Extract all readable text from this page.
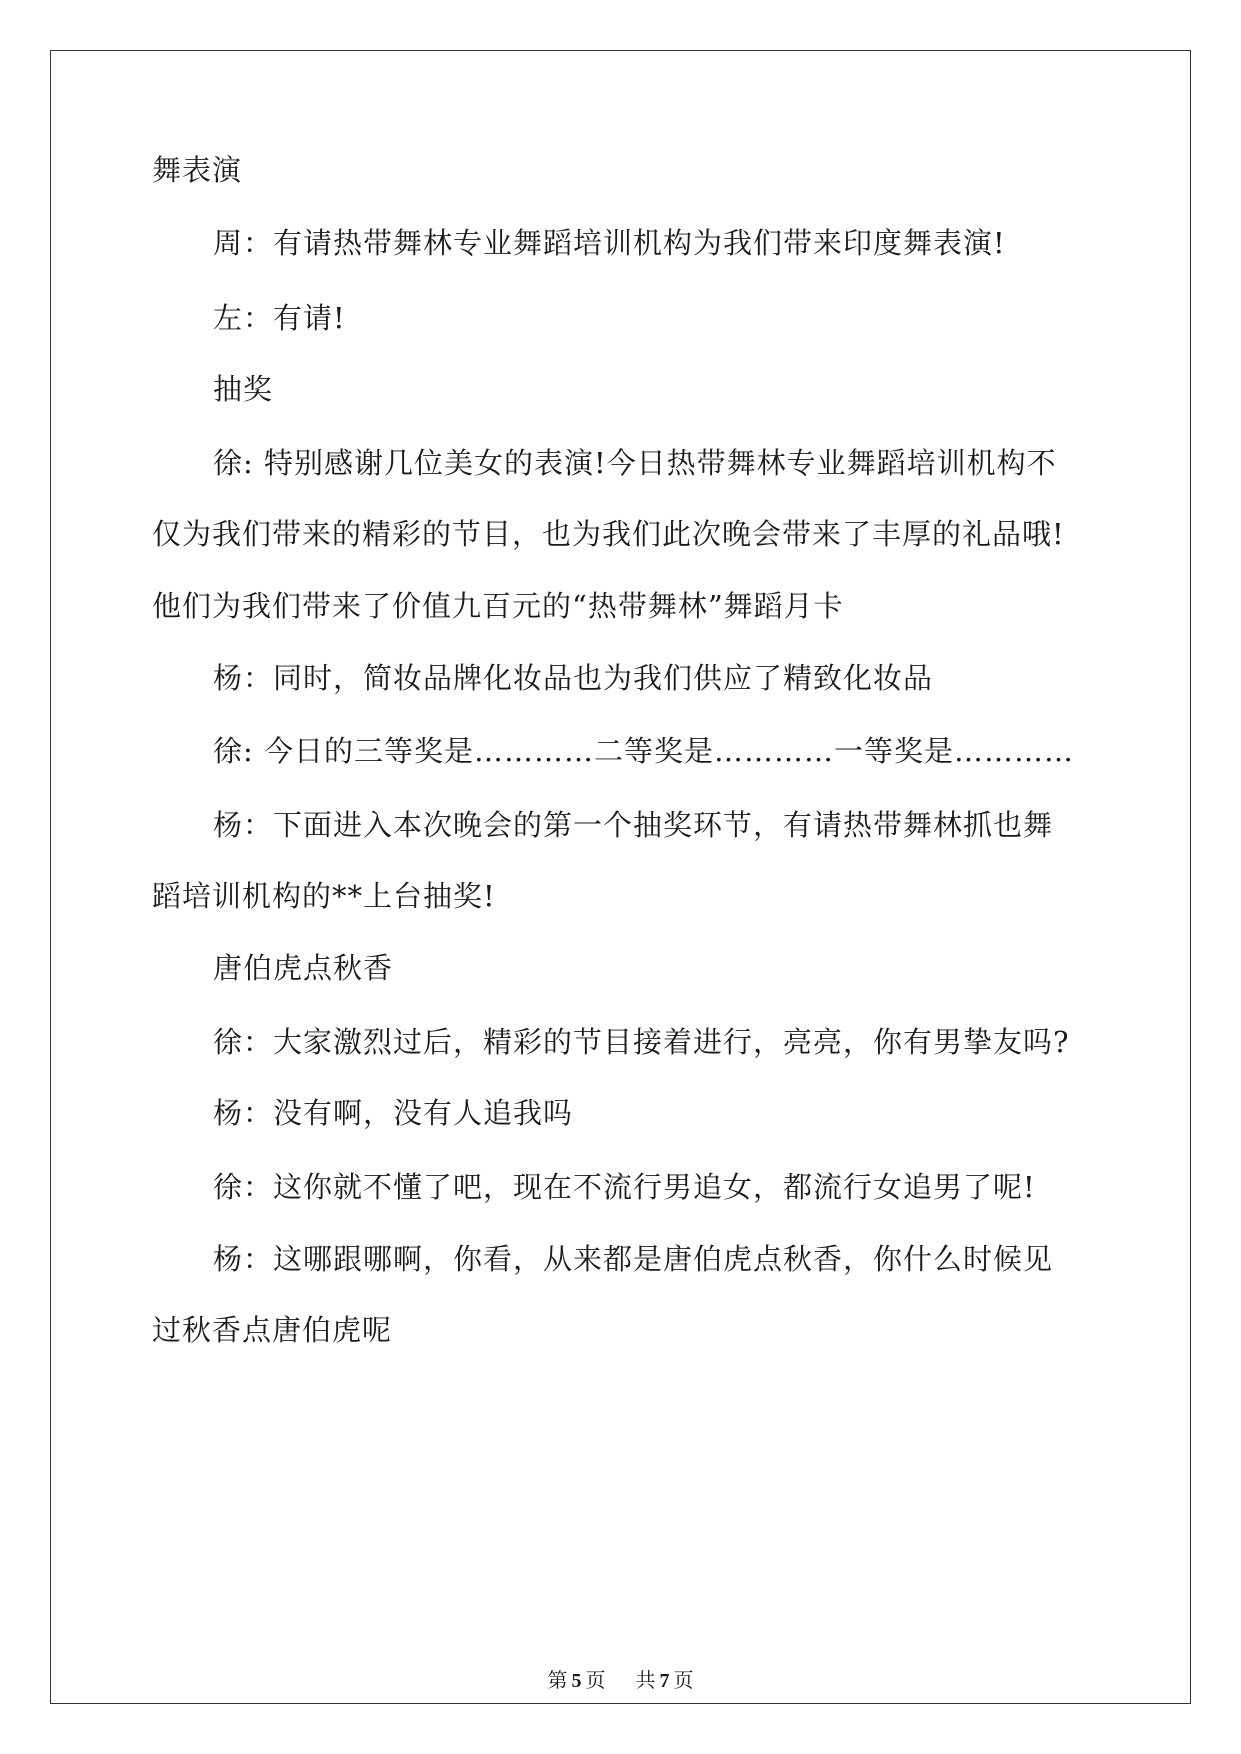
舞表演
周：有请热带舞林专业舞蹈培训机构为我们带来印度舞表演!
左：有请!
抽奖
徐: 特别感谢几位美女的表演!今日热带舞林专业舞蹈培训机构不
仅为我们带来的精彩的节目，也为我们此次晚会带来了丰厚的礼品哦!
他们为我们带来了价值九百元的“热带舞林”舞蹈月卡
杨：同时，简妆品牌化妆品也为我们供应了精致化妆品
徐: 今日的三等奖是…………二等奖是…………一等奖是…………
杨：下面进入本次晚会的第一个抽奖环节，有请热带舞林抓也舞
蹈培训机构的**上台抽奖!
唐伯虎点秋香
徐：大家激烈过后，精彩的节目接着进行，亮亮，你有男挚友吗?
杨：没有啊，没有人追我吗
徐：这你就不懂了吧，现在不流行男追女，都流行女追男了呢!
杨：这哪跟哪啊，你看，从来都是唐伯虎点秋香，你什么时候见
过秋香点唐伯虎呢
第 5 页 共 7 页
